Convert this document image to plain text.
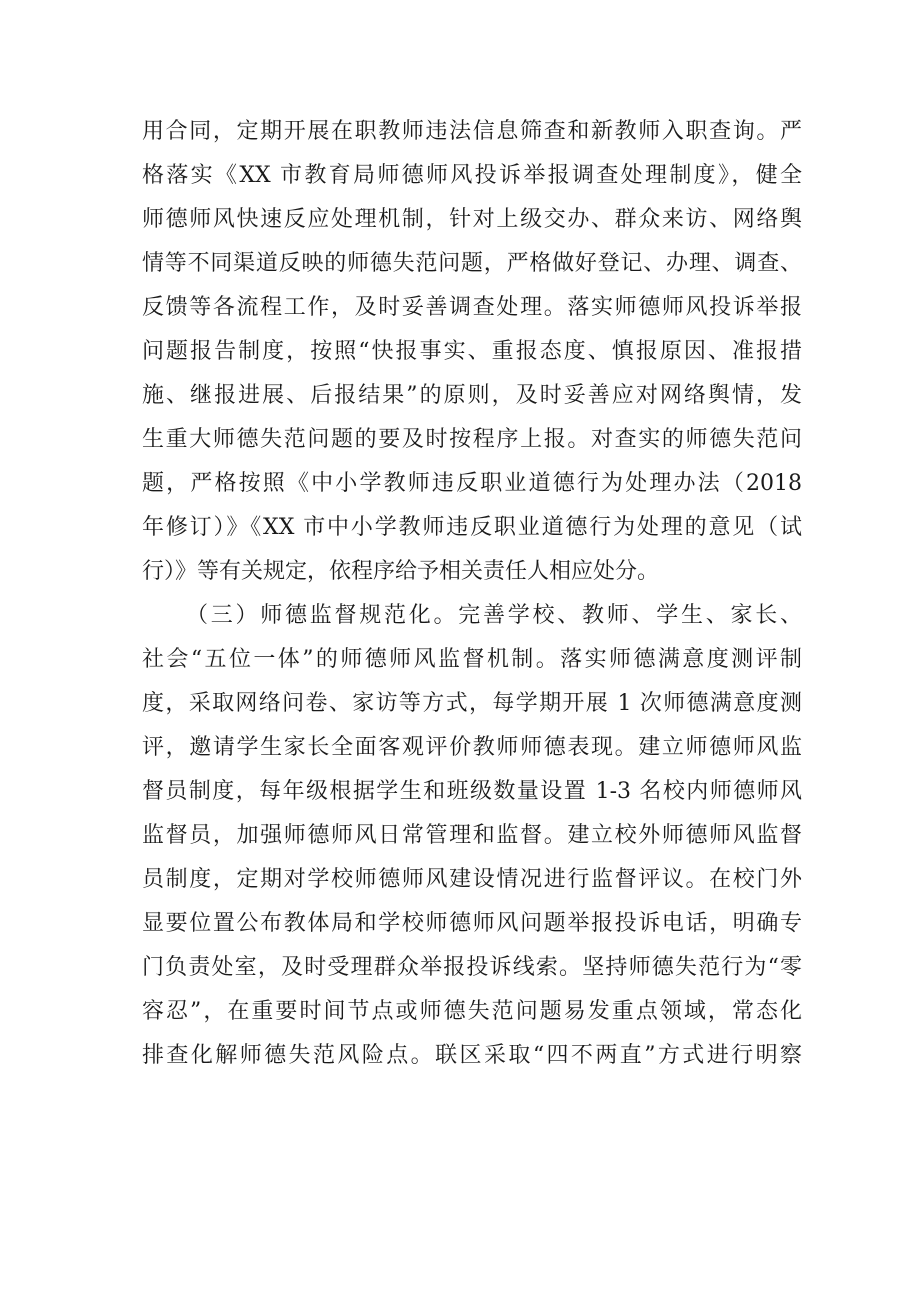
用合同，定期开展在职教师违法信息筛查和新教师入职查询。严
格落实《XX 市教育局师德师风投诉举报调查处理制度》，健全
师德师风快速反应处理机制，针对上级交办、群众来访、网络舆
情等不同渠道反映的师德失范问题，严格做好登记、办理、调查、
反馈等各流程工作，及时妥善调查处理。落实师德师风投诉举报
问题报告制度，按照“快报事实、重报态度、慎报原因、准报措
施、继报进展、后报结果”的原则，及时妥善应对网络舆情，发
生重大师德失范问题的要及时按程序上报。对查实的师德失范问
题，严格按照《中小学教师违反职业道德行为处理办法（2018
年修订）》《XX 市中小学教师违反职业道德行为处理的意见（试
行）》等有关规定，依程序给予相关责任人相应处分。
（三）师德监督规范化。完善学校、教师、学生、家长、
社会“五位一体”的师德师风监督机制。落实师德满意度测评制
度，采取网络问卷、家访等方式，每学期开展 1 次师德满意度测
评，邀请学生家长全面客观评价教师师德表现。建立师德师风监
督员制度，每年级根据学生和班级数量设置 1-3 名校内师德师风
监督员，加强师德师风日常管理和监督。建立校外师德师风监督
员制度，定期对学校师德师风建设情况进行监督评议。在校门外
显要位置公布教体局和学校师德师风问题举报投诉电话，明确专
门负责处室，及时受理群众举报投诉线索。坚持师德失范行为“零
容忍”，在重要时间节点或师德失范问题易发重点领域，常态化
排查化解师德失范风险点。联区采取“四不两直”方式进行明察
